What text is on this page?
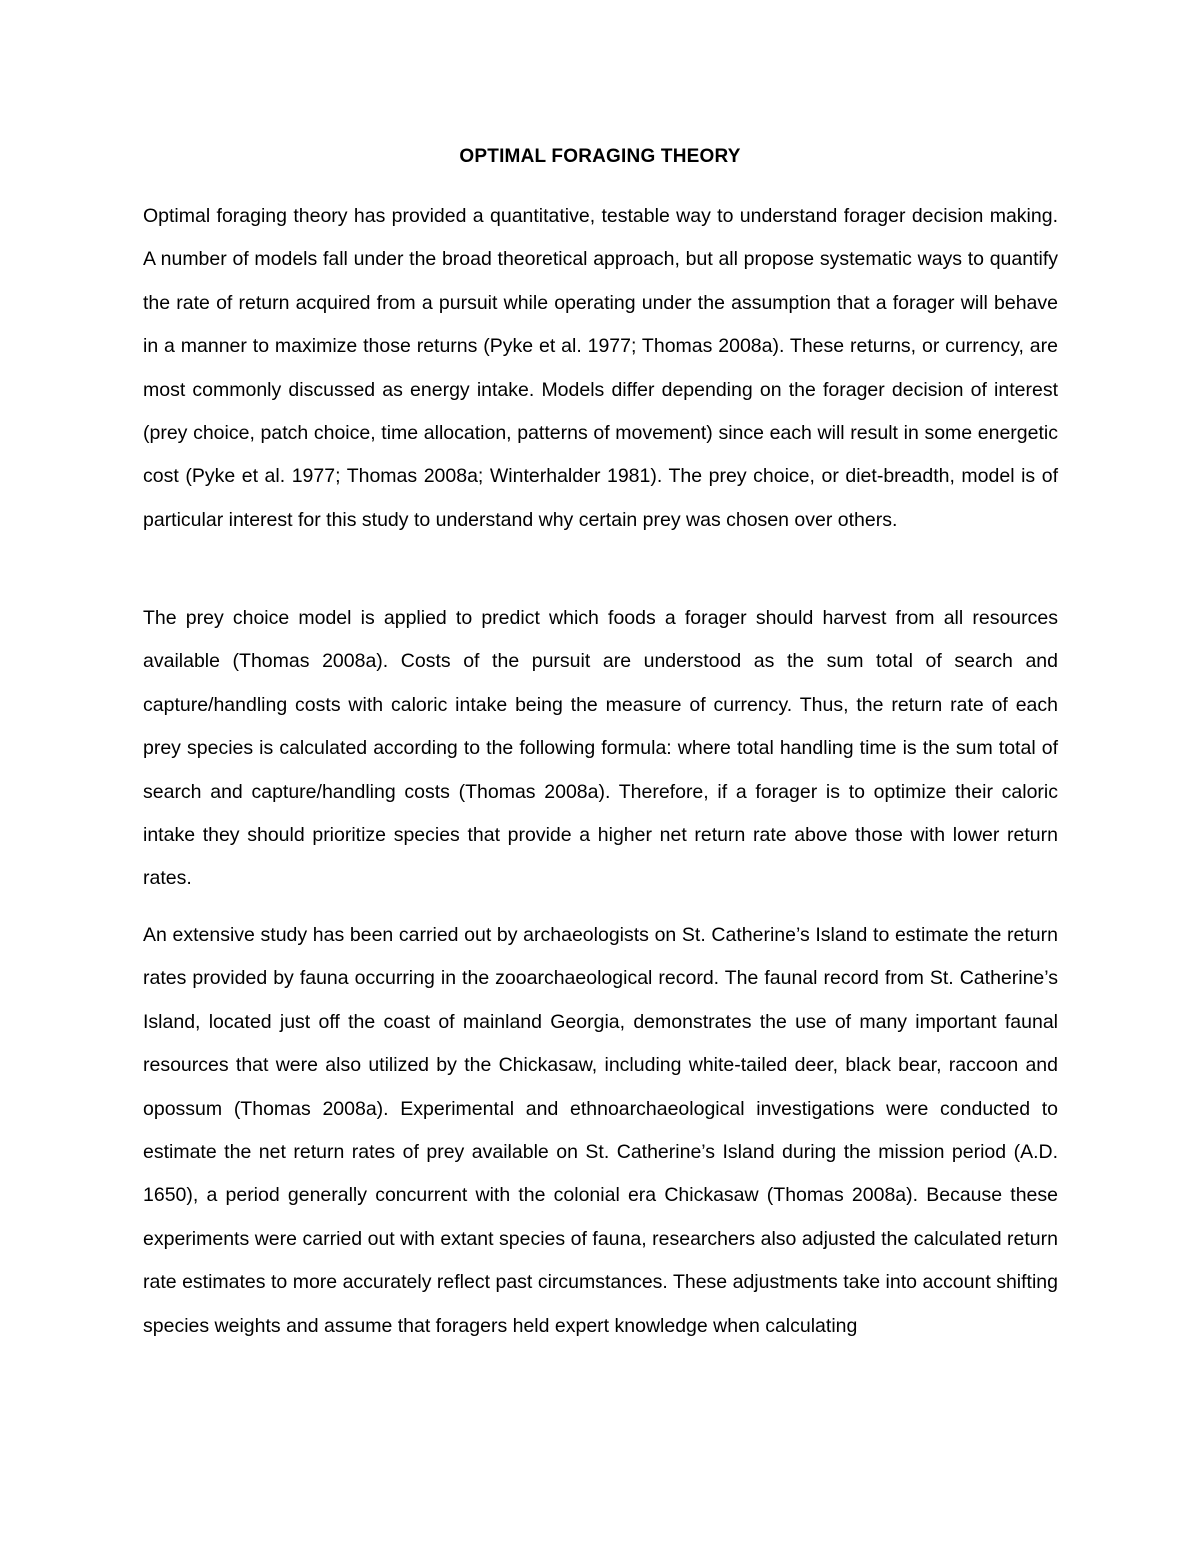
OPTIMAL FORAGING THEORY

Optimal foraging theory has provided a quantitative, testable way to understand forager decision making. A number of models fall under the broad theoretical approach, but all propose systematic ways to quantify the rate of return acquired from a pursuit while operating under the assumption that a forager will behave in a manner to maximize those returns (Pyke et al. 1977; Thomas 2008a). These returns, or currency, are most commonly discussed as energy intake. Models differ depending on the forager decision of interest (prey choice, patch choice, time allocation, patterns of movement) since each will result in some energetic cost (Pyke et al. 1977; Thomas 2008a; Winterhalder 1981). The prey choice, or diet-breadth, model is of particular interest for this study to understand why certain prey was chosen over others.

The prey choice model is applied to predict which foods a forager should harvest from all resources available (Thomas 2008a). Costs of the pursuit are understood as the sum total of search and capture/handling costs with caloric intake being the measure of currency. Thus, the return rate of each prey species is calculated according to the following formula: where total handling time is the sum total of search and capture/handling costs (Thomas 2008a). Therefore, if a forager is to optimize their caloric intake they should prioritize species that provide a higher net return rate above those with lower return rates.

An extensive study has been carried out by archaeologists on St. Catherine’s Island to estimate the return rates provided by fauna occurring in the zooarchaeological record. The faunal record from St. Catherine’s Island, located just off the coast of mainland Georgia, demonstrates the use of many important faunal resources that were also utilized by the Chickasaw, including white-tailed deer, black bear, raccoon and opossum (Thomas 2008a). Experimental and ethnoarchaeological investigations were conducted to estimate the net return rates of prey available on St. Catherine’s Island during the mission period (A.D. 1650), a period generally concurrent with the colonial era Chickasaw (Thomas 2008a). Because these experiments were carried out with extant species of fauna, researchers also adjusted the calculated return rate estimates to more accurately reflect past circumstances. These adjustments take into account shifting species weights and assume that foragers held expert knowledge when calculating
